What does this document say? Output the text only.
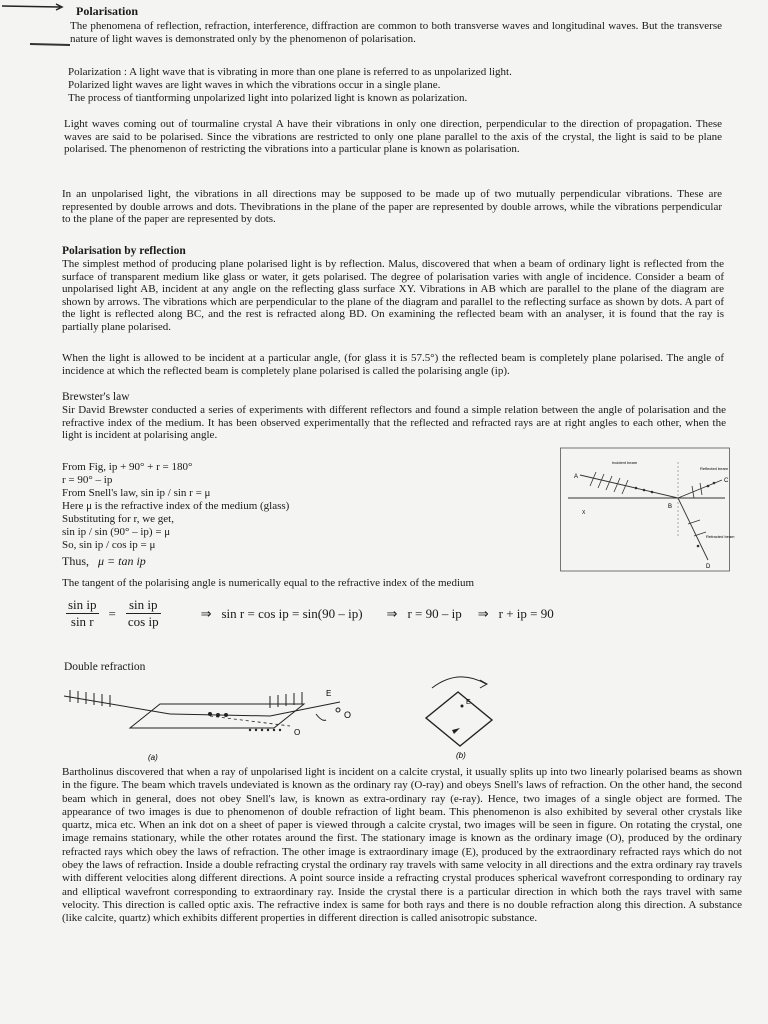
Polarisation

The phenomena of reflection, refraction, interference, diffraction are common to both transverse waves and longitudinal waves. But the transverse nature of light waves is demonstrated only by the phenomenon of polarisation.

Polarization : A light wave that is vibrating in more than one plane is referred to as unpolarized light.

Polarized light waves are light waves in which the vibrations occur in a single plane.

The process of tiantforming unpolarized light into polarized light is known as polarization.

Light waves coming out of tourmaline crystal A have their vibrations in only one direction, perpendicular to the direction of propagation. These waves are said to be polarised. Since the vibrations are restricted to only one plane parallel to the axis of the crystal, the light is said to be plane polarised. The phenomenon of restricting the vibrations into a particular plane is known as polarisation.

In an unpolarised light, the vibrations in all directions may be supposed to be made up of two mutually perpendicular vibrations. These are represented by double arrows and dots. Thevibrations in the plane of the paper are represented by double arrows, while the vibrations perpendicular to the plane of the paper are represented by dots.

Polarisation by reflection

The simplest method of producing plane polarised light is by reflection. Malus, discovered that when a beam of ordinary light is reflected from the surface of transparent medium like glass or water, it gets polarised. The degree of polarisation varies with angle of incidence. Consider a beam of unpolarised light AB, incident at any angle on the reflecting glass surface XY. Vibrations in AB which are parallel to the plane of the diagram are shown by arrows. The vibrations which are perpendicular to the plane of the diagram and parallel to the reflecting surface as shown by dots. A part of the light is reflected along BC, and the rest is refracted along BD. On examining the reflected beam with an analyser, it is found that the ray is partially plane polarised.

When the light is allowed to be incident at a particular angle, (for glass it is 57.5°) the reflected beam is completely plane polarised. The angle of incidence at which the reflected beam is completely plane polarised is called the polarising angle (ip).

Brewster's law

Sir David Brewster conducted a series of experiments with different reflectors and found a simple relation between the angle of polarisation and the refractive index of the medium. It has been observed experimentally that the reflected and refracted rays are at right angles to each other, when the light is incident at polarising angle.

From Fig, ip + 90° + r = 180°

r = 90° – ip

From Snell's law, sin ip / sin r = μ

Here μ is the refractive index of the medium (glass)

Substituting for r, we get,

sin ip / sin (90° – ip) = μ

So, sin ip / cos ip = μ

Thus, μ = tan ip

Incident beam
Reflected beam
Refracted beam
A
B
C
D
X

The tangent of the polarising angle is numerically equal to the refractive index of the medium

$\frac{\text{sin ip}}{\text{sin r}} = \frac{\text{sin ip}}{\text{cos ip}}$	⇒ sin r = cos ip = sin(90 – ip) ⇒ r = 90 – ip ⇒ r + ip = 90
Double refraction
E
O
O
(a)
E
(b)

Bartholinus discovered that when a ray of unpolarised light is incident on a calcite crystal, it usually splits up into two linearly polarised beams as shown in the figure. The beam which travels undeviated is known as the ordinary ray (O-ray) and obeys Snell's laws of refraction. On the other hand, the second beam which in general, does not obey Snell's law, is known as extra-ordinary ray (e-ray). Hence, two images of a single object are formed. The appearance of two images is due to phenomenon of double refraction of light beam. This phenomenon is also exhibited by several other crystals like quartz, mica etc. When an ink dot on a sheet of paper is viewed through a calcite crystal, two images will be seen in figure. On rotating the crystal, one image remains stationary, while the other rotates around the first. The stationary image is known as the ordinary image (O), produced by the ordinary refracted rays which obey the laws of refraction. The other image is extraordinary image (E), produced by the extraordinary refracted rays which do not obey the laws of refraction. Inside a double refracting crystal the ordinary ray travels with same velocity in all directions and the extra ordinary ray travels with different velocities along different directions. A point source inside a refracting crystal produces spherical wavefront corresponding to ordinary ray and elliptical wavefront corresponding to extraordinary ray. Inside the crystal there is a particular direction in which both the rays travel with same velocity. This direction is called optic axis. The refractive index is same for both rays and there is no double refraction along this direction. A substance (like calcite, quartz) which exhibits different properties in different direction is called anisotropic substance.
